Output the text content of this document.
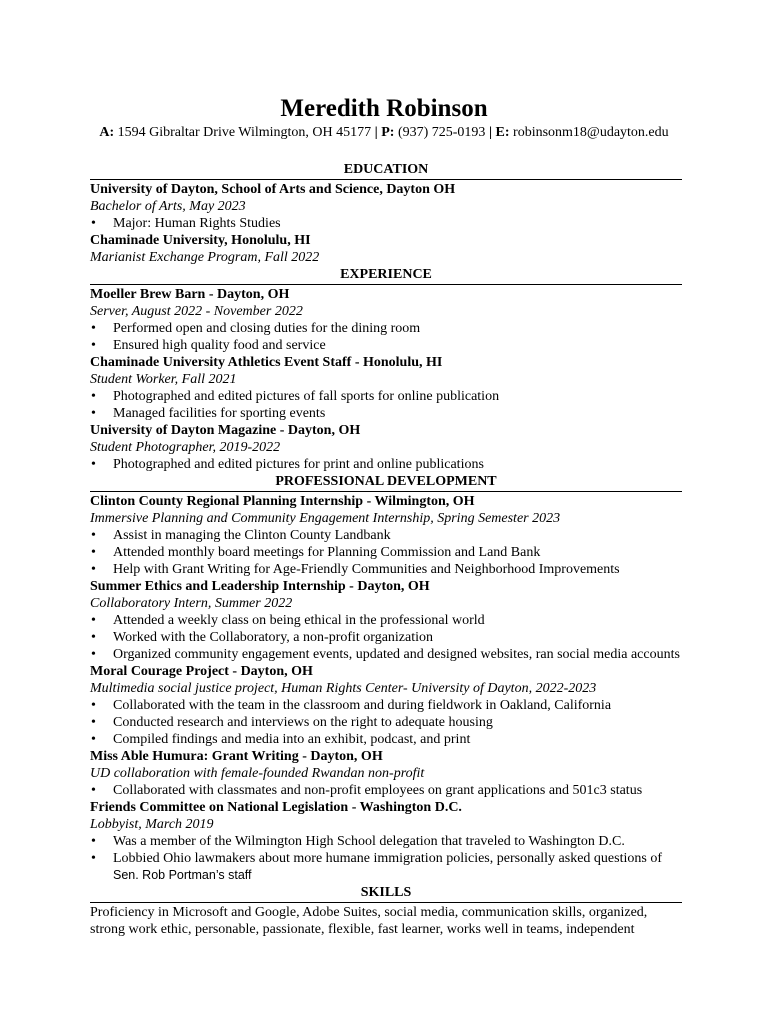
Meredith Robinson
A: 1594 Gibraltar Drive Wilmington, OH 45177 | P: (937) 725-0193 | E: robinsonm18@udayton.edu
EDUCATION
University of Dayton, School of Arts and Science, Dayton OH
Bachelor of Arts, May 2023
• Major: Human Rights Studies
Chaminade University, Honolulu, HI
Marianist Exchange Program, Fall 2022
EXPERIENCE
Moeller Brew Barn - Dayton, OH
Server, August 2022 - November 2022
• Performed open and closing duties for the dining room
• Ensured high quality food and service
Chaminade University Athletics Event Staff - Honolulu, HI
Student Worker, Fall 2021
• Photographed and edited pictures of fall sports for online publication
• Managed facilities for sporting events
University of Dayton Magazine - Dayton, OH
Student Photographer, 2019-2022
• Photographed and edited pictures for print and online publications
PROFESSIONAL DEVELOPMENT
Clinton County Regional Planning Internship - Wilmington, OH
Immersive Planning and Community Engagement Internship, Spring Semester 2023
• Assist in managing the Clinton County Landbank
• Attended monthly board meetings for Planning Commission and Land Bank
• Help with Grant Writing for Age-Friendly Communities and Neighborhood Improvements
Summer Ethics and Leadership Internship - Dayton, OH
Collaboratory Intern, Summer 2022
• Attended a weekly class on being ethical in the professional world
• Worked with the Collaboratory, a non-profit organization
• Organized community engagement events, updated and designed websites, ran social media accounts
Moral Courage Project - Dayton, OH
Multimedia social justice project, Human Rights Center- University of Dayton, 2022-2023
• Collaborated with the team in the classroom and during fieldwork in Oakland, California
• Conducted research and interviews on the right to adequate housing
• Compiled findings and media into an exhibit, podcast, and print
Miss Able Humura: Grant Writing - Dayton, OH
UD collaboration with female-founded Rwandan non-profit
• Collaborated with classmates and non-profit employees on grant applications and 501c3 status
Friends Committee on National Legislation - Washington D.C.
Lobbyist, March 2019
• Was a member of the Wilmington High School delegation that traveled to Washington D.C.
• Lobbied Ohio lawmakers about more humane immigration policies, personally asked questions of
Sen. Rob Portman’s staff
SKILLS
Proficiency in Microsoft and Google, Adobe Suites, social media, communication skills, organized, strong work ethic, personable, passionate, flexible, fast learner, works well in teams, independent
